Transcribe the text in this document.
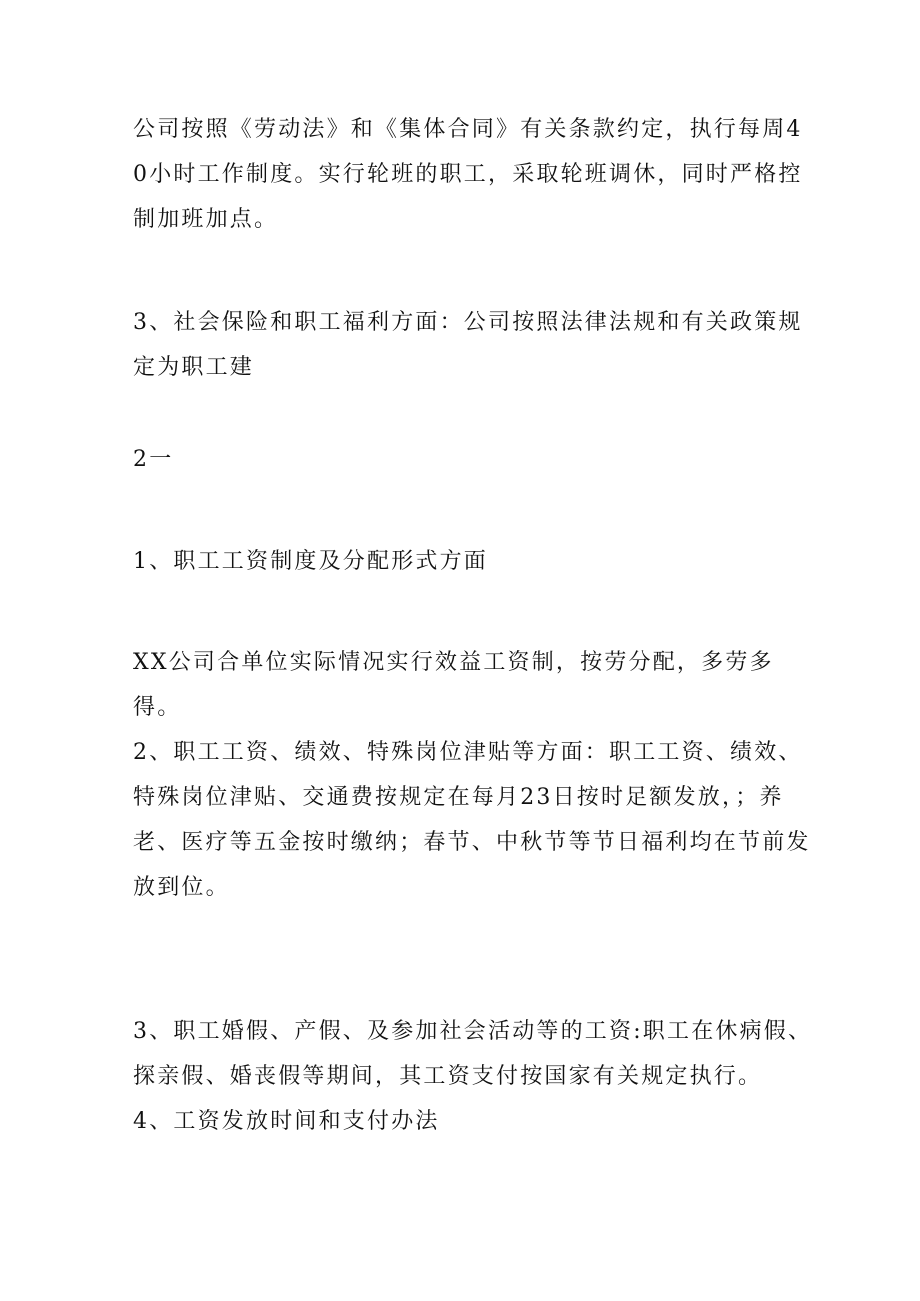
公司按照《劳动法》和《集体合同》有关条款约定，执行每周40小时工作制度。实行轮班的职工，采取轮班调休，同时严格控制加班加点。

3、社会保险和职工福利方面：公司按照法律法规和有关政策规定为职工建

2一

1、职工工资制度及分配形式方面

XX公司合单位实际情况实行效益工资制，按劳分配，多劳多得。

2、职工工资、绩效、特殊岗位津贴等方面：职工工资、绩效、特殊岗位津贴、交通费按规定在每月23日按时足额发放，；养老、医疗等五金按时缴纳；春节、中秋节等节日福利均在节前发放到位。

3、职工婚假、产假、及参加社会活动等的工资:职工在休病假、探亲假、婚丧假等期间，其工资支付按国家有关规定执行。

4、工资发放时间和支付办法
